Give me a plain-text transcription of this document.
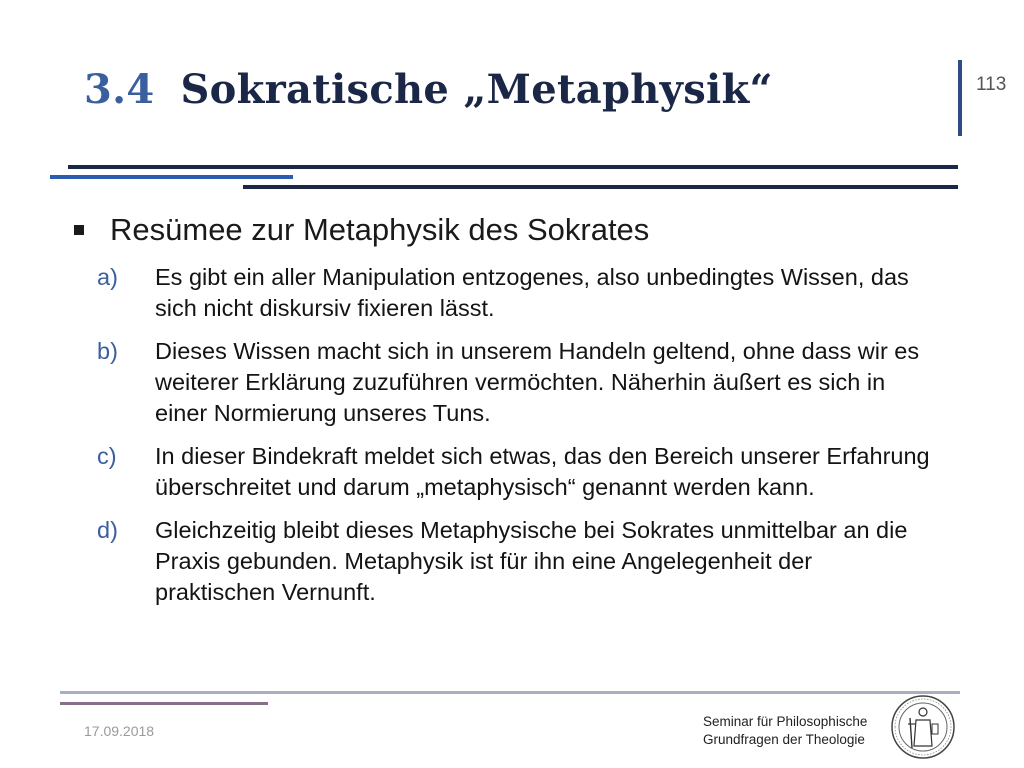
3.4 Sokratische „Metaphysik“	113
Resümee zur Metaphysik des Sokrates
a)	Es gibt ein aller Manipulation entzogenes, also unbedingtes Wissen, das sich nicht diskursiv fixieren lässt.
b)	Dieses Wissen macht sich in unserem Handeln geltend, ohne dass wir es weiterer Erklärung zuzuführen vermöchten. Näherhin äußert es sich in einer Normierung unseres Tuns.
c)	In dieser Bindekraft meldet sich etwas, das den Bereich unserer Erfahrung überschreitet und darum „metaphysisch“ genannt werden kann.
d)	Gleichzeitig bleibt dieses Metaphysische bei Sokrates unmittelbar an die Praxis gebunden. Metaphysik ist für ihn eine Angelegenheit der praktischen Vernunft.
17.09.2018
Seminar für Philosophische
Grundfragen der Theologie
